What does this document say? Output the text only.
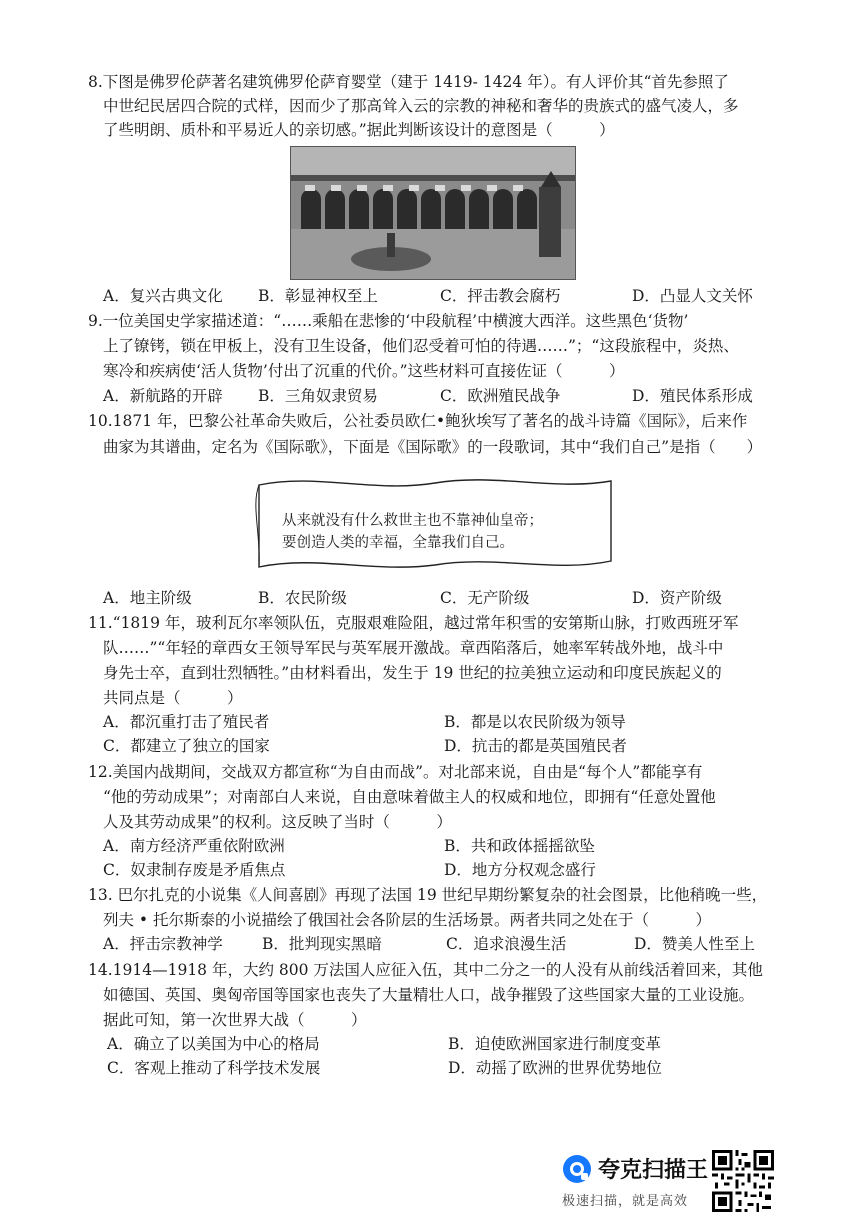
8.下图是佛罗伦萨著名建筑佛罗伦萨育婴堂（建于 1419- 1424 年）。有人评价其“首先参照了
中世纪民居四合院的式样，因而少了那高耸入云的宗教的神秘和奢华的贵族式的盛气凌人，多
了些明朗、质朴和平易近人的亲切感。”据此判断该设计的意图是（　　　）
A．复兴古典文化 B．彰显神权至上	C．抨击教会腐朽	D．凸显人文关怀
9.一位美国史学家描述道：“……乘船在悲惨的‘中段航程’中横渡大西洋。这些黑色‘货物’
上了镣铐，锁在甲板上，没有卫生设备，他们忍受着可怕的待遇……”；“这段旅程中，炎热、
寒冷和疾病使‘活人货物’付出了沉重的代价。”这些材料可直接佐证（　　　）
A．新航路的开辟 B．三角奴隶贸易	C．欧洲殖民战争	D．殖民体系形成
10.1871 年，巴黎公社革命失败后，公社委员欧仁•鲍狄埃写了著名的战斗诗篇《国际》，后来作
曲家为其谱曲，定名为《国际歌》，下面是《国际歌》的一段歌词，其中“我们自己”是指（　　）
从来就没有什么救世主也不靠神仙皇帝；
要创造人类的幸福，全靠我们自己。
A．地主阶级	B．农民阶级	C．无产阶级	D．资产阶级
11.“1819 年，玻利瓦尔率领队伍，克服艰难险阻，越过常年积雪的安第斯山脉，打败西班牙军
队……”“年轻的章西女王领导军民与英军展开激战。章西陷落后，她率军转战外地，战斗中
身先士卒，直到壮烈牺牲。”由材料看出，发生于 19 世纪的拉美独立运动和印度民族起义的
共同点是（　　　）
A．都沉重打击了殖民者	B．都是以农民阶级为领导
C．都建立了独立的国家	D．抗击的都是英国殖民者
12.美国内战期间，交战双方都宣称“为自由而战”。对北部来说，自由是“每个人”都能享有
“他的劳动成果”；对南部白人来说，自由意味着做主人的权威和地位，即拥有“任意处置他
人及其劳动成果”的权利。这反映了当时（　　　）
A．南方经济严重依附欧洲	B．共和政体摇摇欲坠
C．奴隶制存废是矛盾焦点	D．地方分权观念盛行
13. 巴尔扎克的小说集《人间喜剧》再现了法国 19 世纪早期纷繁复杂的社会图景，比他稍晚一些，
列夫 • 托尔斯泰的小说描绘了俄国社会各阶层的生活场景。两者共同之处在于（　　　）
A．抨击宗教神学	B．批判现实黑暗	C．追求浪漫生活	D．赞美人性至上
14.1914—1918 年，大约 800 万法国人应征入伍，其中二分之一的人没有从前线活着回来，其他
如德国、英国、奥匈帝国等国家也丧失了大量精壮人口，战争摧毁了这些国家大量的工业设施。
据此可知，第一次世界大战（　　　）
A．确立了以美国为中心的格局	B．迫使欧洲国家进行制度变革
C．客观上推动了科学技术发展	D．动摇了欧洲的世界优势地位
夸克扫描王
极速扫描，就是高效
